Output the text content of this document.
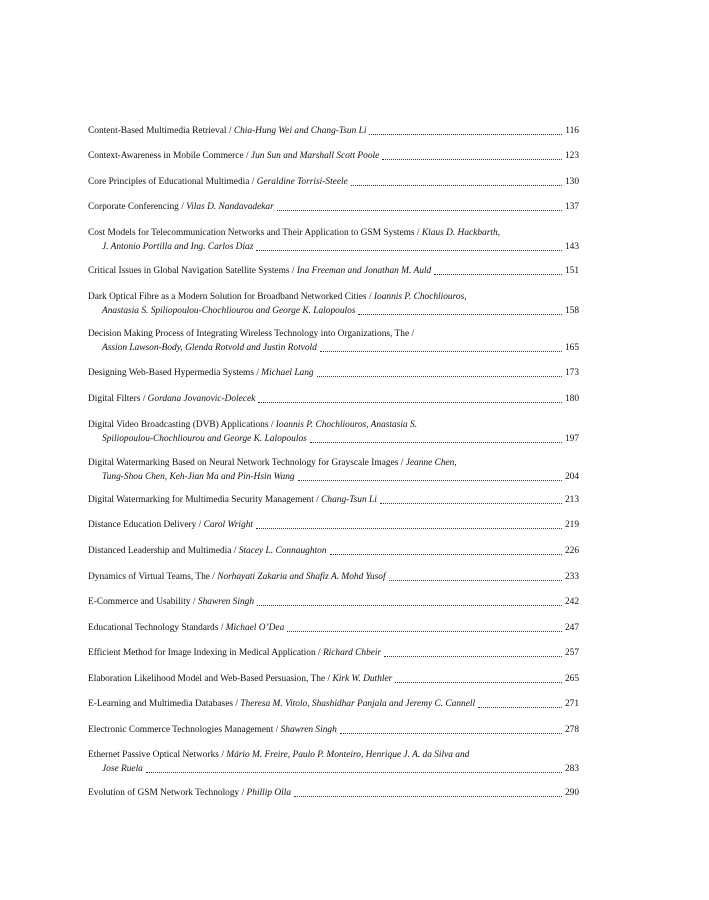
Content-Based Multimedia Retrieval / Chia-Hung Wei and Chang-Tsun Li	116
Context-Awareness in Mobile Commerce / Jun Sun and Marshall Scott Poole	123
Core Principles of Educational Multimedia / Geraldine Torrisi-Steele	130
Corporate Conferencing / Vilas D. Nandavadekar	137
Cost Models for Telecommunication Networks and Their Application to GSM Systems / Klaus D. Hackbarth,
J. Antonio Portilla and Ing. Carlos Diaz	143
Critical Issues in Global Navigation Satellite Systems / Ina Freeman and Jonathan M. Auld	151
Dark Optical Fibre as a Modern Solution for Broadband Networked Cities / Ioannis P. Chochliouros,
Anastasia S. Spiliopoulou-Chochliourou and George K. Lalopoulos	158
Decision Making Process of Integrating Wireless Technology into Organizations, The /
Assion Lawson-Body, Glenda Rotvold and Justin Rotvold	165
Designing Web-Based Hypermedia Systems / Michael Lang	173
Digital Filters / Gordana Jovanovic-Dolecek	180
Digital Video Broadcasting (DVB) Applications / Ioannis P. Chochliouros, Anastasia S.
Spiliopoulou-Chochliourou and George K. Lalopoulos	197
Digital Watermarking Based on Neural Network Technology for Grayscale Images / Jeanne Chen,
Tung-Shou Chen, Keh-Jian Ma and Pin-Hsin Wang	204
Digital Watermarking for Multimedia Security Management / Chang-Tsun Li	213
Distance Education Delivery / Carol Wright	219
Distanced Leadership and Multimedia / Stacey L. Connaughton	226
Dynamics of Virtual Teams, The / Norhayati Zakaria and Shafiz A. Mohd Yusof	233
E-Commerce and Usability / Shawren Singh	242
Educational Technology Standards / Michael O’Dea	247
Efficient Method for Image Indexing in Medical Application / Richard Chbeir	257
Elaboration Likelihood Model and Web-Based Persuasion, The / Kirk W. Duthler	265
E-Learning and Multimedia Databases / Theresa M. Vitolo, Shashidhar Panjala and Jeremy C. Cannell	271
Electronic Commerce Technologies Management / Shawren Singh	278
Ethernet Passive Optical Networks / Mário M. Freire, Paulo P. Monteiro, Henrique J. A. da Silva and
Jose Ruela	283
Evolution of GSM Network Technology / Phillip Olla	290
